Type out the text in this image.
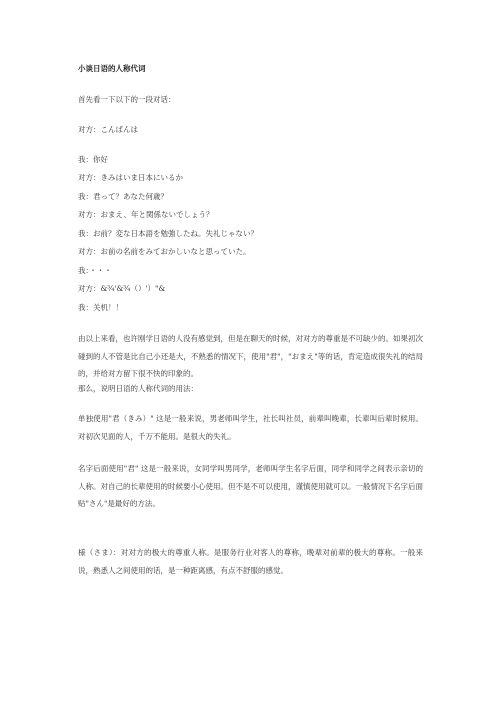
小谈日语的人称代词
首先看一下以下的一段对话：
对方：こんばんは
我：你好
对方：きみはいま日本にいるか
我：君って？あなた何歳？
对方：おまえ、年と関係ないでしょう？
我：お前？変な日本語を勉強したね。失礼じゃない？
对方：お前の名前をみておかしいなと思っていた。
我：・・・
对方：&¾'&¾（）'）"&
我：关机！！
由以上来看，也许刚学日语的人没有感觉到，但是在聊天的时候，对对方的尊重是不可缺少的。如果初次碰到的人不管是比自己小还是大，不熟悉的情况下，使用"君"，"おまえ"等的话，肯定造成很失礼的结局的，并给对方留下很不快的印象的。
那么，说明日语的人称代词的用法：
单独使用"君（きみ）" 这是一般来说，男老师叫学生，社长叫社员，前辈叫晚辈，长辈叫后辈时候用。 对初次见面的人，千万不能用。是很大的失礼。
名字后面使用"君" 这是一般来说，女同学叫男同学，老师叫学生名字后面，同学和同学之间表示亲切的人称。对自己的长辈使用的时候要小心使用。但不是不可以使用，谨慎使用就可以。一般情况下名字后面贴"さん"是最好的方法。
様（さま）：对对方的极大的尊重人称。是服务行业对客人的尊称，晚辈对前辈的极大的尊称。一般来说，熟悉人之间使用的话，是一种距离感，有点不舒服的感觉。
